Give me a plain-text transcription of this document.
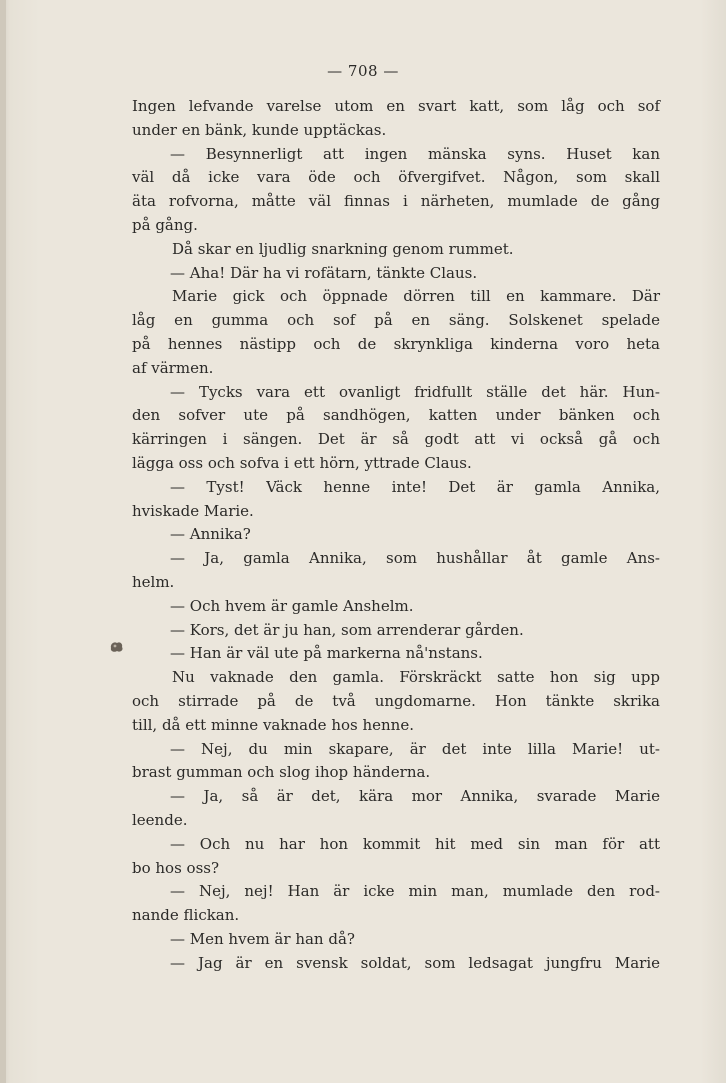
— 708 —
Ingen lefvande varelse utom en svart katt, som låg och sof
under en bänk, kunde upptäckas.
— Besynnerligt att ingen mänska syns. Huset kan
väl då icke vara öde och öfvergifvet. Någon, som skall
äta rofvorna, måtte väl finnas i närheten, mumlade de gång
på gång.
Då skar en ljudlig snarkning genom rummet.
— Aha! Där ha vi rofätarn, tänkte Claus.
Marie gick och öppnade dörren till en kammare. Där
låg en gumma och sof på en säng. Solskenet spelade
på hennes nästipp och de skrynkliga kinderna voro heta
af värmen.
— Tycks vara ett ovanligt fridfullt ställe det här. Hun-
den sofver ute på sandhögen, katten under bänken och
kärringen i sängen. Det är så godt att vi också gå och
lägga oss och sofva i ett hörn, yttrade Claus.
— Tyst! Väck henne inte! Det är gamla Annika,
hviskade Marie.
— Annika?
— Ja, gamla Annika, som hushållar åt gamle Ans-
helm.
— Och hvem är gamle Anshelm.
— Kors, det är ju han, som arrenderar gården.
— Han är väl ute på markerna nå'nstans.
Nu vaknade den gamla. Förskräckt satte hon sig upp
och stirrade på de två ungdomarne. Hon tänkte skrika
till, då ett minne vaknade hos henne.
— Nej, du min skapare, är det inte lilla Marie! ut-
brast gumman och slog ihop händerna.
— Ja, så är det, kära mor Annika, svarade Marie
leende.
— Och nu har hon kommit hit med sin man för att
bo hos oss?
— Nej, nej! Han är icke min man, mumlade den rod-
nande flickan.
— Men hvem är han då?
— Jag är en svensk soldat, som ledsagat jungfru Marie
